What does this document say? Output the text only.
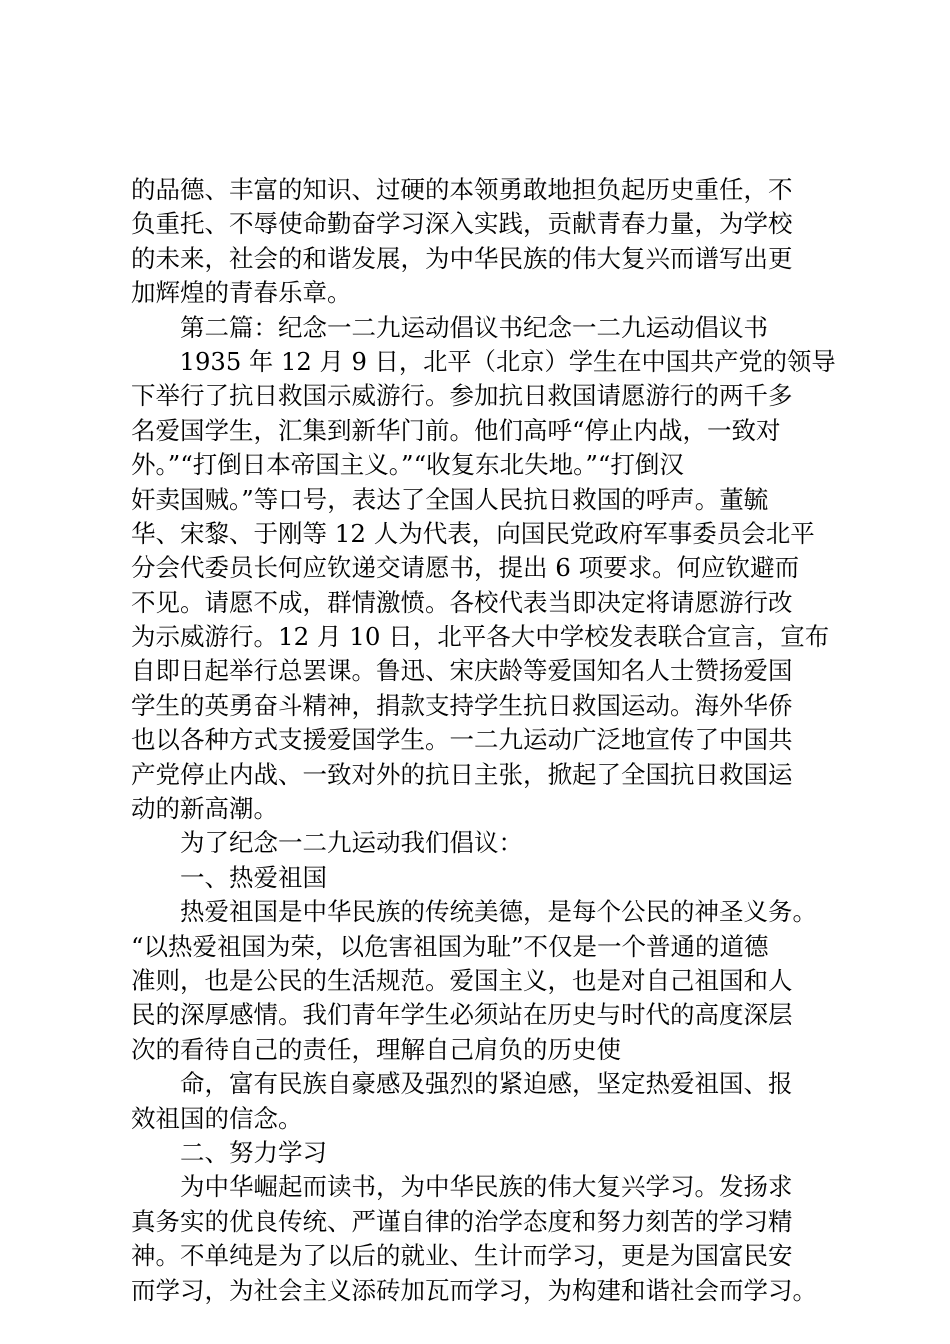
的品德、丰富的知识、过硬的本领勇敢地担负起历史重任，不
负重托、不辱使命勤奋学习深入实践，贡献青春力量，为学校
的未来，社会的和谐发展，为中华民族的伟大复兴而谱写出更
加辉煌的青春乐章。
　　第二篇：纪念一二九运动倡议书纪念一二九运动倡议书
　　1935 年 12 月 9 日，北平（北京）学生在中国共产党的领导
下举行了抗日救国示威游行。参加抗日救国请愿游行的两千多
名爱国学生，汇集到新华门前。他们高呼“停止内战，一致对
外。”“打倒日本帝国主义。”“收复东北失地。”“打倒汉
奸卖国贼。”等口号，表达了全国人民抗日救国的呼声。董毓
华、宋黎、于刚等 12 人为代表，向国民党政府军事委员会北平
分会代委员长何应钦递交请愿书，提出 6 项要求。何应钦避而
不见。请愿不成，群情激愤。各校代表当即决定将请愿游行改
为示威游行。12 月 10 日，北平各大中学校发表联合宣言，宣布
自即日起举行总罢课。鲁迅、宋庆龄等爱国知名人士赞扬爱国
学生的英勇奋斗精神，捐款支持学生抗日救国运动。海外华侨
也以各种方式支援爱国学生。一二九运动广泛地宣传了中国共
产党停止内战、一致对外的抗日主张，掀起了全国抗日救国运
动的新高潮。
　　为了纪念一二九运动我们倡议：
　　一、热爱祖国
　　热爱祖国是中华民族的传统美德，是每个公民的神圣义务。
“以热爱祖国为荣，以危害祖国为耻”不仅是一个普通的道德
准则，也是公民的生活规范。爱国主义，也是对自己祖国和人
民的深厚感情。我们青年学生必须站在历史与时代的高度深层
次的看待自己的责任，理解自己肩负的历史使
　　命，富有民族自豪感及强烈的紧迫感，坚定热爱祖国、报
效祖国的信念。
　　二、努力学习
　　为中华崛起而读书，为中华民族的伟大复兴学习。发扬求
真务实的优良传统、严谨自律的治学态度和努力刻苦的学习精
神。不单纯是为了以后的就业、生计而学习，更是为国富民安
而学习，为社会主义添砖加瓦而学习，为构建和谐社会而学习。
